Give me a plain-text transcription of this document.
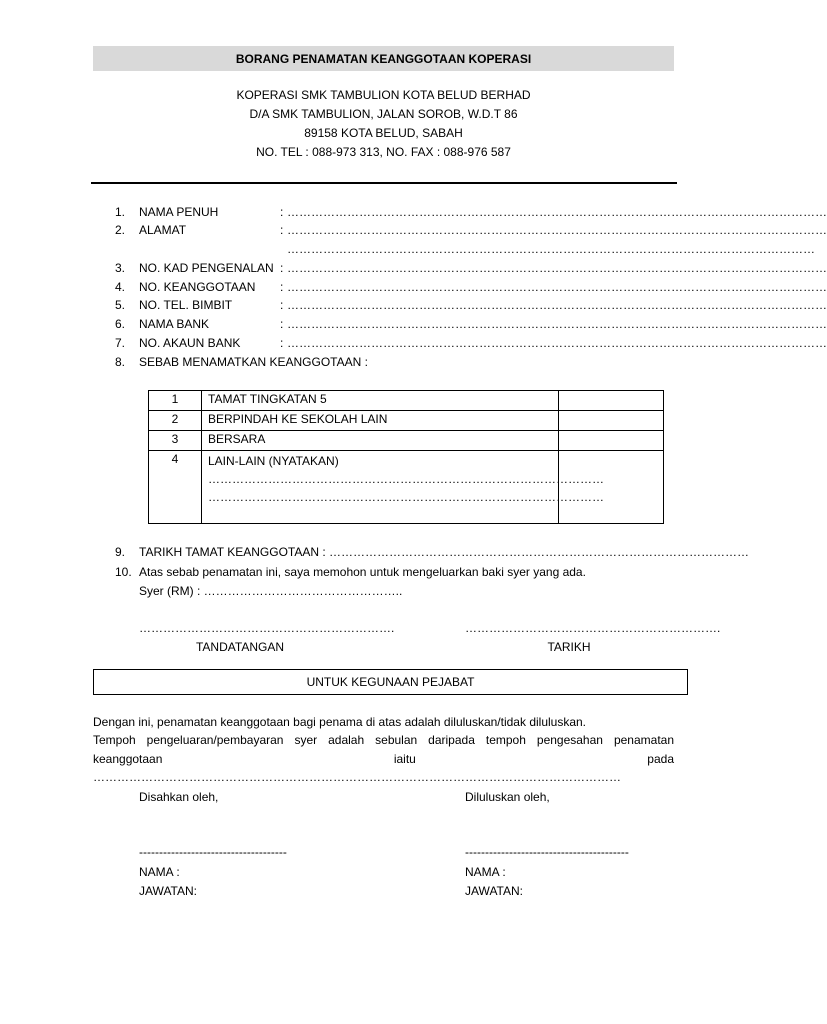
BORANG PENAMATAN KEANGGOTAAN KOPERASI
KOPERASI SMK TAMBULION KOTA BELUD BERHAD
D/A SMK TAMBULION, JALAN SOROB, W.D.T 86
89158 KOTA BELUD, SABAH
NO. TEL : 088-973 313, NO. FAX : 088-976 587
1.	NAMA PENUH	: ………………………………………………………………………………………………………………………
2.	ALAMAT	: ………………………………………………………………………………………………………………………
……………………………………………………………………………………………………………………
3.	NO. KAD PENGENALAN : ………………………………………………………………………………………………………………………
4.	NO. KEANGGOTAAN : ………………………………………………………………………………………………………………………
5.	NO. TEL. BIMBIT	: ………………………………………………………………………………………………………………………
6.	NAMA BANK	: ………………………………………………………………………………………………………………………
7.	NO. AKAUN BANK	: ………………………………………………………………………………………………………………………
8.	SEBAB MENAMATKAN KEANGGOTAAN :
1	TAMAT TINGKATAN 5	
2	BERPINDAH KE SEKOLAH LAIN	
3	BERSARA	
4	LAIN-LAIN (NYATAKAN)
………………………………………………………………………………………
………………………………………………………………………………………	

9.	TARIKH TAMAT KEANGGOTAAN : ……………………………………………………………………………………………
10. Atas sebab penamatan ini, saya memohon untuk mengeluarkan baki syer yang ada.
Syer (RM) : …………………………………………..
……………………………………………………….	……………………………………………………….
TANDATANGAN	TARIKH
UNTUK KEGUNAAN PEJABAT
Dengan ini, penamatan keanggotaan bagi penama di atas adalah diluluskan/tidak diluluskan.
Tempoh pengeluaran/pembayaran syer adalah sebulan daripada tempoh pengesahan penamatan keanggotaan iaitu pada ……………………………………………………………………………………………………………………
Disahkan oleh,	Diluluskan oleh,
-------------------------------------	-----------------------------------------
NAMA :	NAMA :
JAWATAN:	JAWATAN:
